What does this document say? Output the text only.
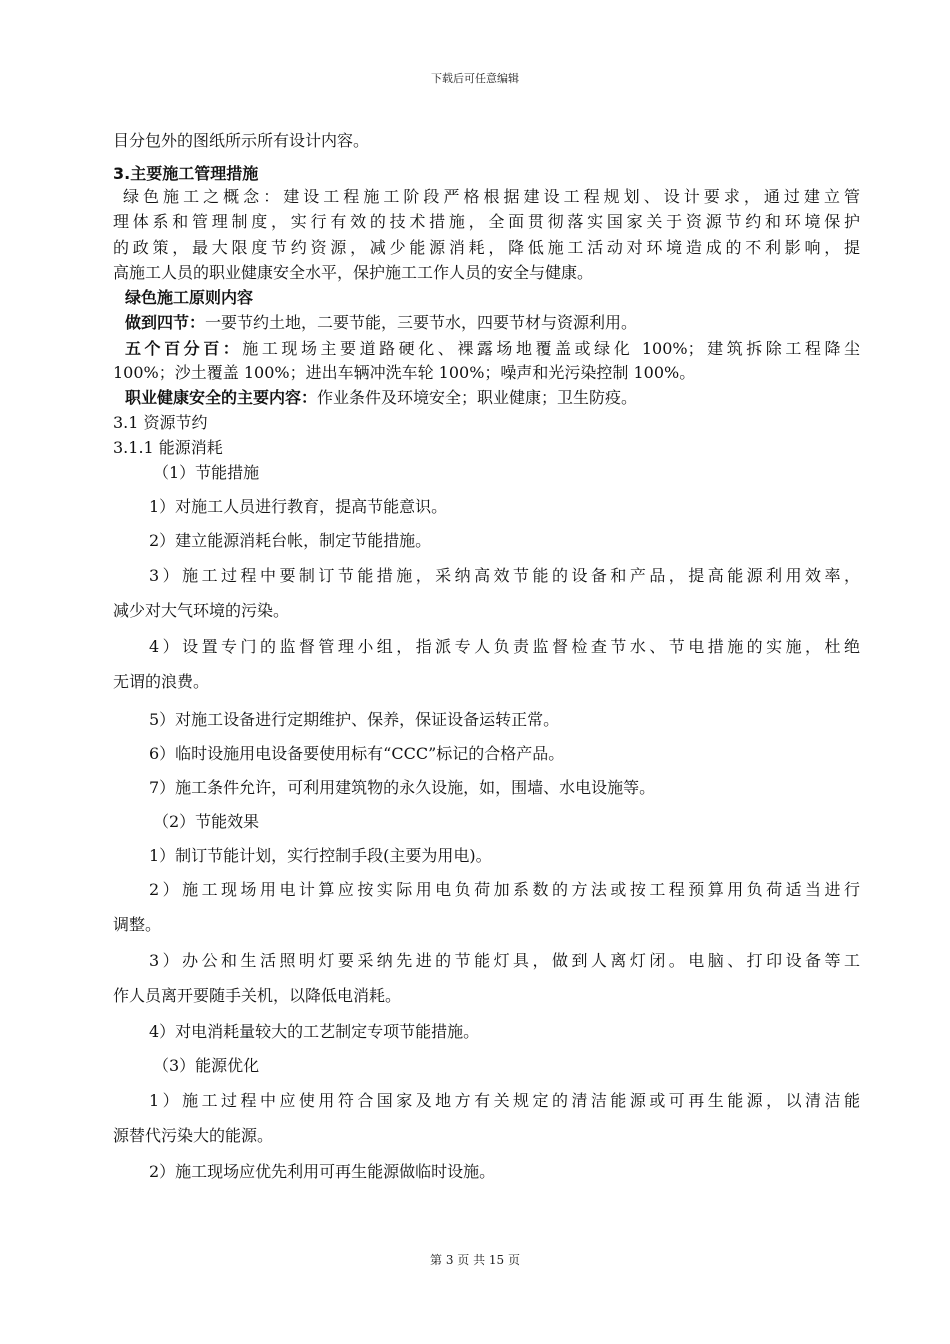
下载后可任意编辑
目分包外的图纸所示所有设计内容。
3.主要施工管理措施
绿色施工之概念：建设工程施工阶段严格根据建设工程规划、设计要求，通过建立管
理体系和管理制度，实行有效的技术措施，全面贯彻落实国家关于资源节约和环境保护
的政策，最大限度节约资源，减少能源消耗，降低施工活动对环境造成的不利影响，提
高施工人员的职业健康安全水平，保护施工工作人员的安全与健康。
绿色施工原则内容
做到四节：一要节约土地，二要节能，三要节水，四要节材与资源利用。
五个百分百：施工现场主要道路硬化、裸露场地覆盖或绿化 100%；建筑拆除工程降尘
100%；沙土覆盖 100%；进出车辆冲洗车轮 100%；噪声和光污染控制 100%。
职业健康安全的主要内容：作业条件及环境安全；职业健康；卫生防疫。
3.1 资源节约
3.1.1 能源消耗
（1）节能措施
1）对施工人员进行教育，提高节能意识。
2）建立能源消耗台帐，制定节能措施。
3）施工过程中要制订节能措施，采纳高效节能的设备和产品，提高能源利用效率，
减少对大气环境的污染。
4）设置专门的监督管理小组，指派专人负责监督检查节水、节电措施的实施，杜绝
无谓的浪费。
5）对施工设备进行定期维护、保养，保证设备运转正常。
6）临时设施用电设备要使用标有“CCC”标记的合格产品。
7）施工条件允许，可利用建筑物的永久设施，如，围墙、水电设施等。
（2）节能效果
1）制订节能计划，实行控制手段(主要为用电)。
2）施工现场用电计算应按实际用电负荷加系数的方法或按工程预算用负荷适当进行
调整。
3）办公和生活照明灯要采纳先进的节能灯具，做到人离灯闭。电脑、打印设备等工
作人员离开要随手关机，以降低电消耗。
4）对电消耗量较大的工艺制定专项节能措施。
（3）能源优化
1）施工过程中应使用符合国家及地方有关规定的清洁能源或可再生能源，以清洁能
源替代污染大的能源。
2）施工现场应优先利用可再生能源做临时设施。
第 3 页 共 15 页
